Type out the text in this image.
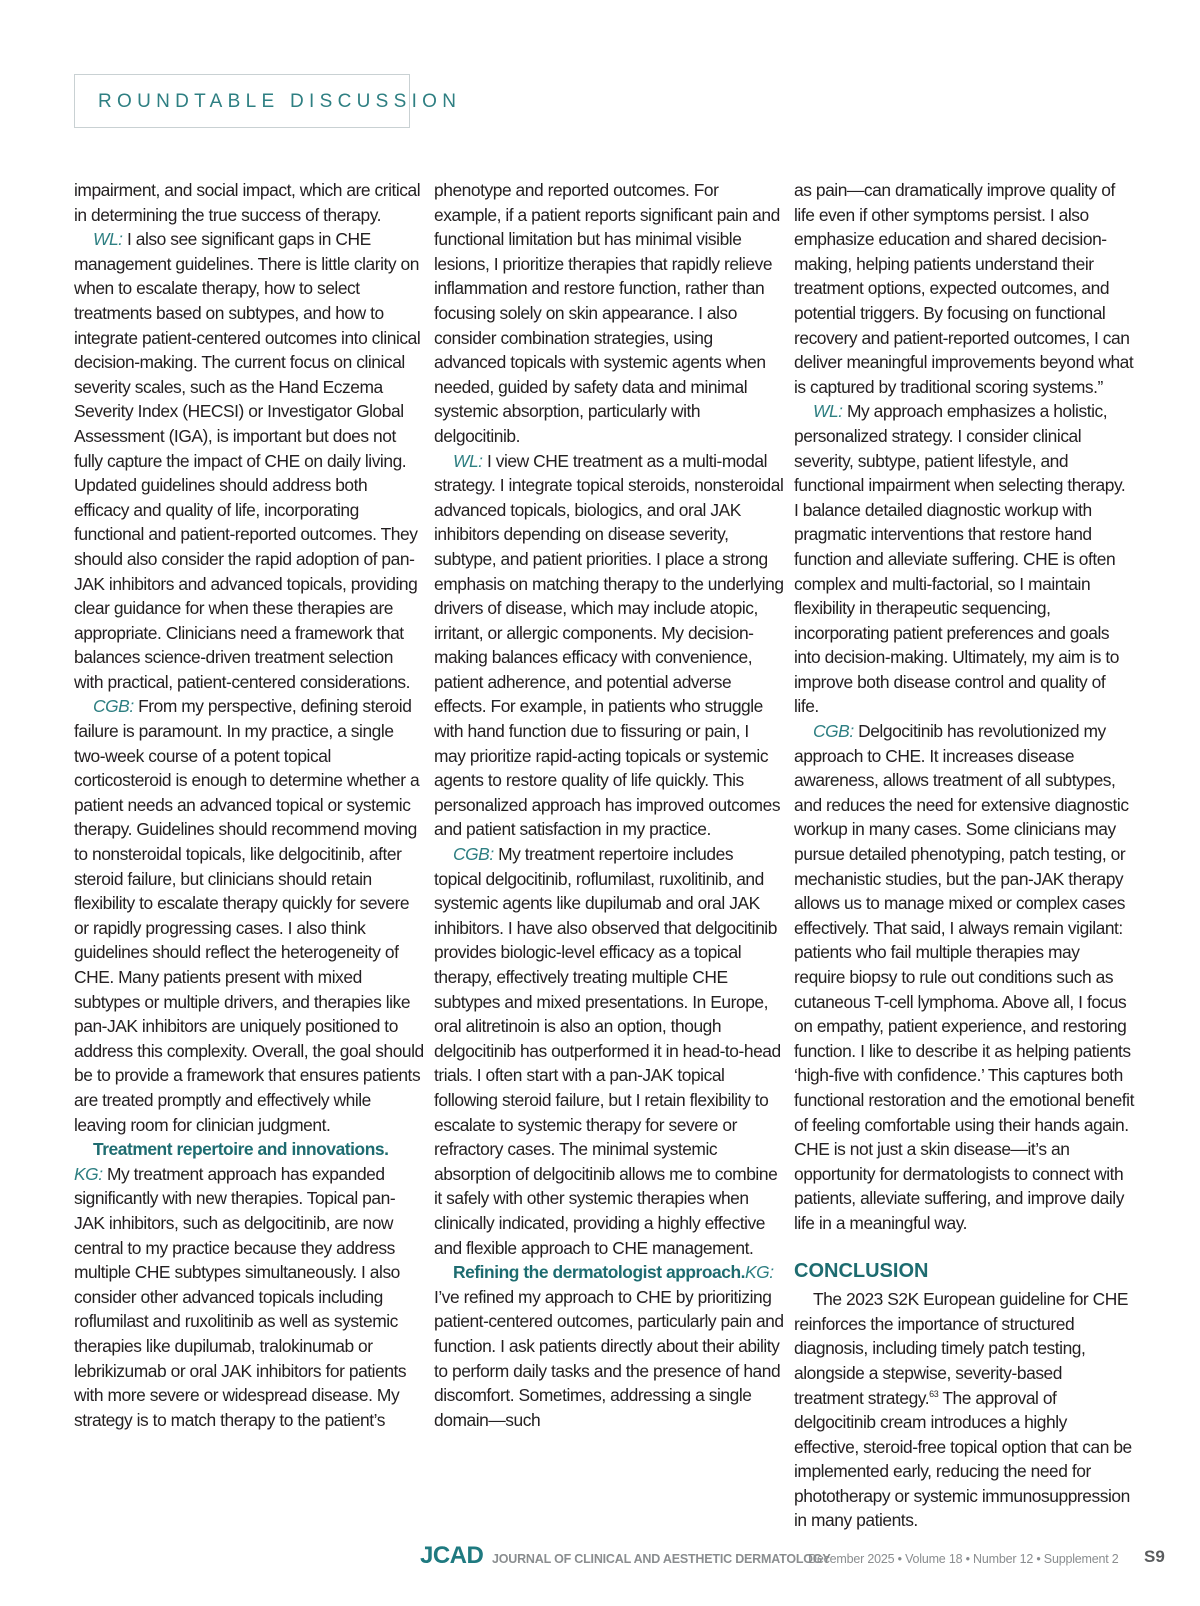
ROUNDTABLE DISCUSSION

impairment, and social impact, which are critical in determining the true success of therapy.

WL: I also see significant gaps in CHE management guidelines. There is little clarity on when to escalate therapy, how to select treatments based on subtypes, and how to integrate patient-centered outcomes into clinical decision-making. The current focus on clinical severity scales, such as the Hand Eczema Severity Index (HECSI) or Investigator Global Assessment (IGA), is important but does not fully capture the impact of CHE on daily living. Updated guidelines should address both efficacy and quality of life, incorporating functional and patient-reported outcomes. They should also consider the rapid adoption of pan-JAK inhibitors and advanced topicals, providing clear guidance for when these therapies are appropriate. Clinicians need a framework that balances science-driven treatment selection with practical, patient-centered considerations.

CGB: From my perspective, defining steroid failure is paramount. In my practice, a single two-week course of a potent topical corticosteroid is enough to determine whether a patient needs an advanced topical or systemic therapy. Guidelines should recommend moving to nonsteroidal topicals, like delgocitinib, after steroid failure, but clinicians should retain flexibility to escalate therapy quickly for severe or rapidly progressing cases. I also think guidelines should reflect the heterogeneity of CHE. Many patients present with mixed subtypes or multiple drivers, and therapies like pan-JAK inhibitors are uniquely positioned to address this complexity. Overall, the goal should be to provide a framework that ensures patients are treated promptly and effectively while leaving room for clinician judgment.

Treatment repertoire and innovations.

KG: My treatment approach has expanded significantly with new therapies. Topical pan-JAK inhibitors, such as delgocitinib, are now central to my practice because they address multiple CHE subtypes simultaneously. I also consider other advanced topicals including roflumilast and ruxolitinib as well as systemic therapies like dupilumab, tralokinumab or lebrikizumab or oral JAK inhibitors for patients with more severe or widespread disease. My strategy is to match therapy to the patient’s

phenotype and reported outcomes. For example, if a patient reports significant pain and functional limitation but has minimal visible lesions, I prioritize therapies that rapidly relieve inflammation and restore function, rather than focusing solely on skin appearance. I also consider combination strategies, using advanced topicals with systemic agents when needed, guided by safety data and minimal systemic absorption, particularly with delgocitinib.

WL: I view CHE treatment as a multi-modal strategy. I integrate topical steroids, nonsteroidal advanced topicals, biologics, and oral JAK inhibitors depending on disease severity, subtype, and patient priorities. I place a strong emphasis on matching therapy to the underlying drivers of disease, which may include atopic, irritant, or allergic components. My decision-making balances efficacy with convenience, patient adherence, and potential adverse effects. For example, in patients who struggle with hand function due to fissuring or pain, I may prioritize rapid-acting topicals or systemic agents to restore quality of life quickly. This personalized approach has improved outcomes and patient satisfaction in my practice.

CGB: My treatment repertoire includes topical delgocitinib, roflumilast, ruxolitinib, and systemic agents like dupilumab and oral JAK inhibitors. I have also observed that delgocitinib provides biologic-level efficacy as a topical therapy, effectively treating multiple CHE subtypes and mixed presentations. In Europe, oral alitretinoin is also an option, though delgocitinib has outperformed it in head-to-head trials. I often start with a pan-JAK topical following steroid failure, but I retain flexibility to escalate to systemic therapy for severe or refractory cases. The minimal systemic absorption of delgocitinib allows me to combine it safely with other systemic therapies when clinically indicated, providing a highly effective and flexible approach to CHE management.

Refining the dermatologist approach.KG: I’ve refined my approach to CHE by prioritizing patient-centered outcomes, particularly pain and function. I ask patients directly about their ability to perform daily tasks and the presence of hand discomfort. Sometimes, addressing a single domain—such

as pain—can dramatically improve quality of life even if other symptoms persist. I also emphasize education and shared decision-making, helping patients understand their treatment options, expected outcomes, and potential triggers. By focusing on functional recovery and patient-reported outcomes, I can deliver meaningful improvements beyond what is captured by traditional scoring systems.”

WL: My approach emphasizes a holistic, personalized strategy. I consider clinical severity, subtype, patient lifestyle, and functional impairment when selecting therapy. I balance detailed diagnostic workup with pragmatic interventions that restore hand function and alleviate suffering. CHE is often complex and multi-factorial, so I maintain flexibility in therapeutic sequencing, incorporating patient preferences and goals into decision-making. Ultimately, my aim is to improve both disease control and quality of life.

CGB: Delgocitinib has revolutionized my approach to CHE. It increases disease awareness, allows treatment of all subtypes, and reduces the need for extensive diagnostic workup in many cases. Some clinicians may pursue detailed phenotyping, patch testing, or mechanistic studies, but the pan-JAK therapy allows us to manage mixed or complex cases effectively. That said, I always remain vigilant: patients who fail multiple therapies may require biopsy to rule out conditions such as cutaneous T-cell lymphoma. Above all, I focus on empathy, patient experience, and restoring function. I like to describe it as helping patients ‘high-five with confidence.’ This captures both functional restoration and the emotional benefit of feeling comfortable using their hands again. CHE is not just a skin disease—it’s an opportunity for dermatologists to connect with patients, alleviate suffering, and improve daily life in a meaningful way.

CONCLUSION

The 2023 S2K European guideline for CHE reinforces the importance of structured diagnosis, including timely patch testing, alongside a stepwise, severity-based treatment strategy.$^{63}$ The approval of delgocitinib cream introduces a highly effective, steroid-free topical option that can be implemented early, reducing the need for phototherapy or systemic immunosuppression in many patients.

JCAD JOURNAL OF CLINICAL AND AESTHETIC DERMATOLOGY
December 2025 • Volume 18 • Number 12 • Supplement 2 S9
